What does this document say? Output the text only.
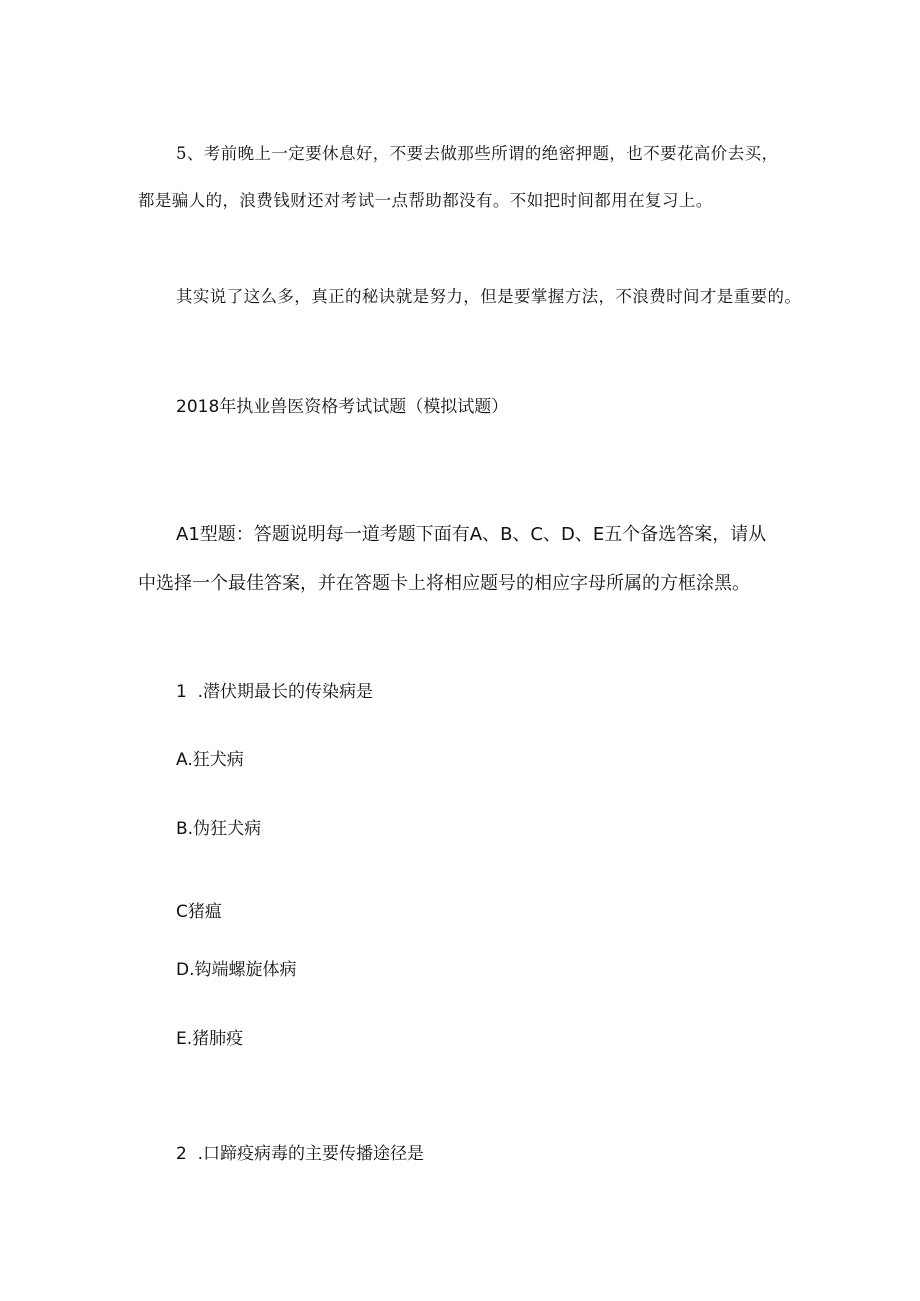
5、考前晚上一定要休息好，不要去做那些所谓的绝密押题，也不要花高价去买，
都是骗人的，浪费钱财还对考试一点帮助都没有。不如把时间都用在复习上。
其实说了这么多，真正的秘诀就是努力，但是要掌握方法，不浪费时间才是重要的。
2018年执业兽医资格考试试题（模拟试题）
A1型题：答题说明每一道考题下面有A、B、C、D、E五个备选答案，请从
中选择一个最佳答案，并在答题卡上将相应题号的相应字母所属的方框涂黑。
1  .潜伏期最长的传染病是
A.狂犬病
B.伪狂犬病
C猪瘟
D.钩端螺旋体病
E.猪肺疫
2  .口蹄疫病毒的主要传播途径是
